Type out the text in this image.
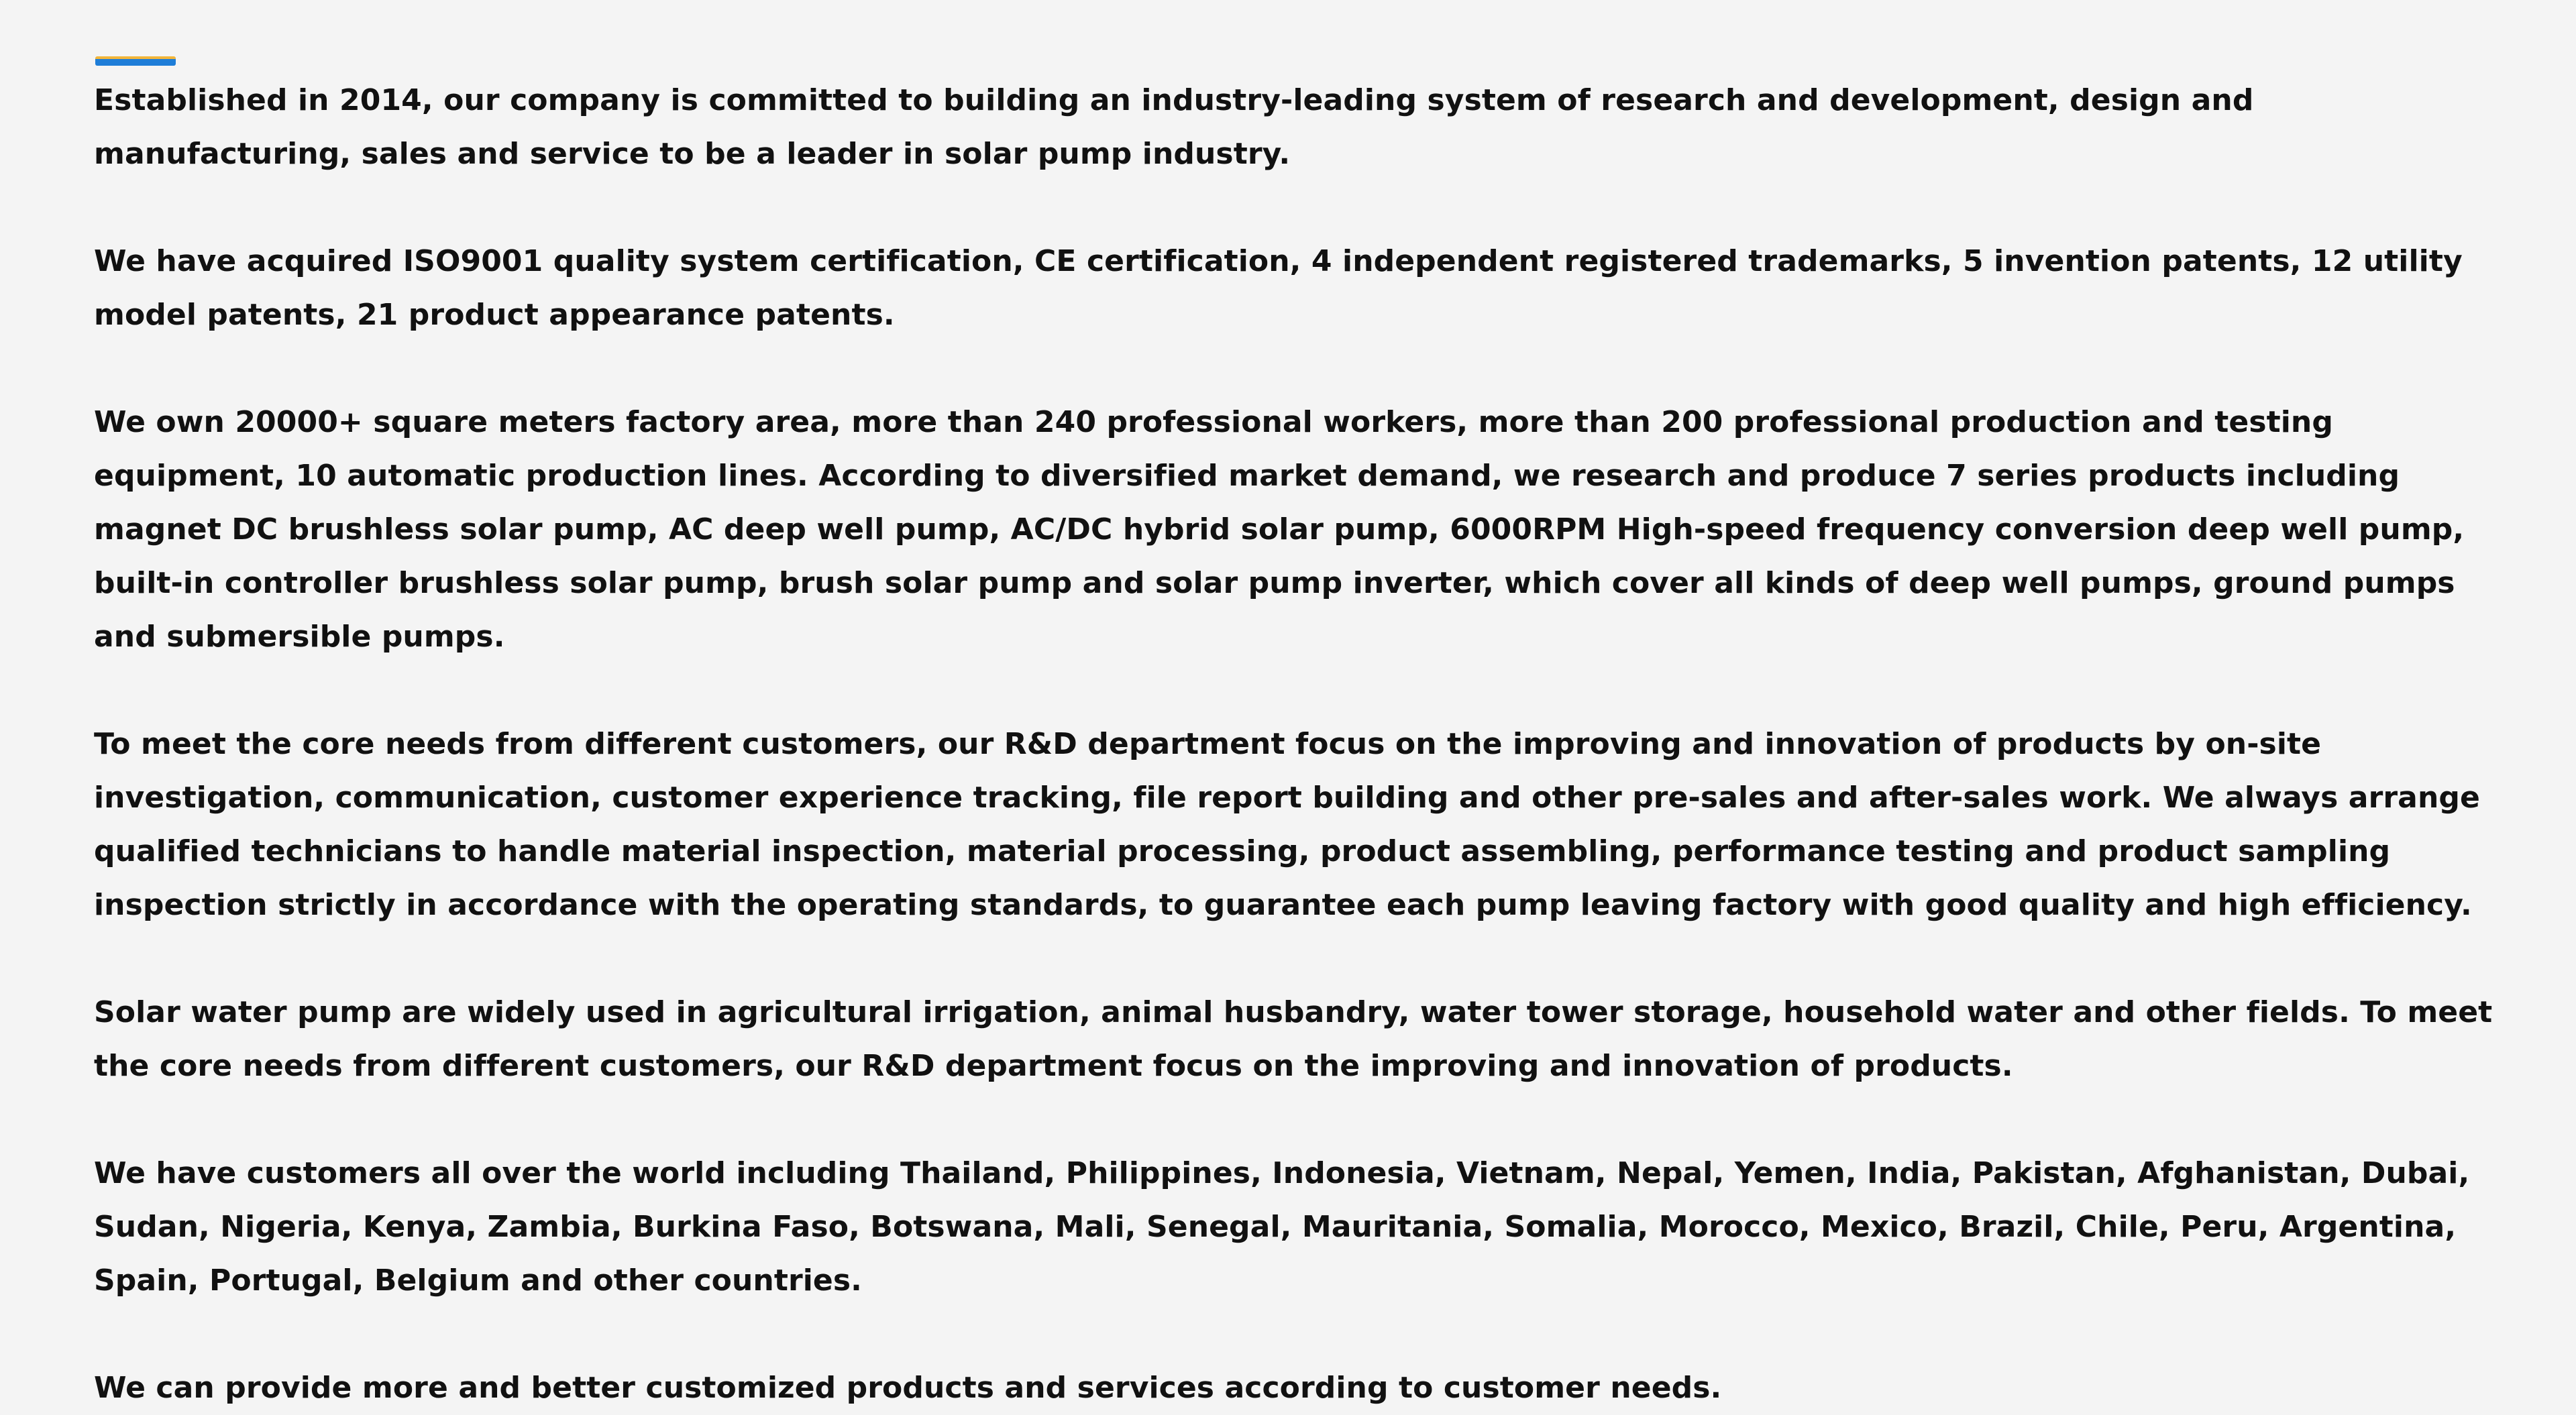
Established in 2014, our company is committed to building an industry-leading system of research and development, design and manufacturing, sales and service to be a leader in solar pump industry.

We have acquired ISO9001 quality system certification, CE certification, 4 independent registered trademarks, 5 invention patents, 12 utility model patents, 21 product appearance patents.

We own 20000+ square meters factory area, more than 240 professional workers, more than 200 professional production and testing equipment, 10 automatic production lines. According to diversified market demand, we research and produce 7 series products including magnet DC brushless solar pump, AC deep well pump, AC/DC hybrid solar pump, 6000RPM High-speed frequency conversion deep well pump, built-in controller brushless solar pump, brush solar pump and solar pump inverter, which cover all kinds of deep well pumps, ground pumps and submersible pumps.

To meet the core needs from different customers, our R&D department focus on the improving and innovation of products by on-site investigation, communication, customer experience tracking, file report building and other pre-sales and after-sales work. We always arrange qualified technicians to handle material inspection, material processing, product assembling, performance testing and product sampling inspection strictly in accordance with the operating standards, to guarantee each pump leaving factory with good quality and high efficiency.

Solar water pump are widely used in agricultural irrigation, animal husbandry, water tower storage, household water and other fields. To meet the core needs from different customers, our R&D department focus on the improving and innovation of products.

We have customers all over the world including Thailand, Philippines, Indonesia, Vietnam, Nepal, Yemen, India, Pakistan, Afghanistan, Dubai, Sudan, Nigeria, Kenya, Zambia, Burkina Faso, Botswana, Mali, Senegal, Mauritania, Somalia, Morocco, Mexico, Brazil, Chile, Peru, Argentina, Spain, Portugal, Belgium and other countries.

We can provide more and better customized products and services according to customer needs.
